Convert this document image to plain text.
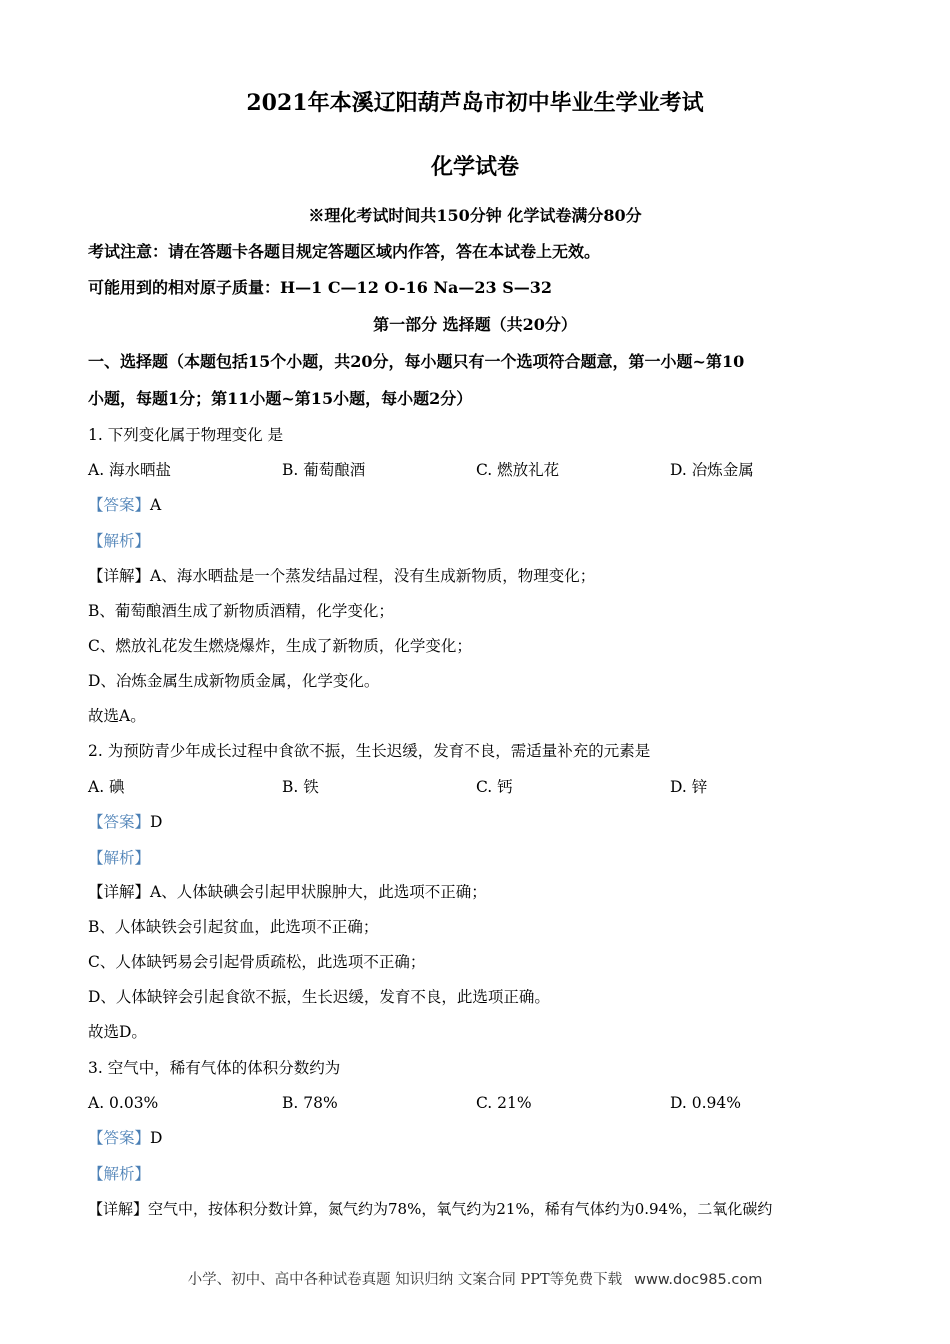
2021年本溪辽阳葫芦岛市初中毕业生学业考试
化学试卷
※理化考试时间共150分钟 化学试卷满分80分
考试注意：请在答题卡各题目规定答题区域内作答，答在本试卷上无效。
可能用到的相对原子质量：H—1 C—12 O-16 Na—23 S—32
第一部分 选择题（共20分）
一、选择题（本题包括15个小题，共20分，每小题只有一个选项符合题意，第一小题~第10
小题，每题1分；第11小题~第15小题，每小题2分）
1. 下列变化属于物理变化 是
A. 海水晒盐	B. 葡萄酿酒	C. 燃放礼花	D. 冶炼金属
【答案】A
【解析】
【详解】A、海水晒盐是一个蒸发结晶过程，没有生成新物质，物理变化；
B、葡萄酿酒生成了新物质酒精，化学变化；
C、燃放礼花发生燃烧爆炸，生成了新物质，化学变化；
D、冶炼金属生成新物质金属，化学变化。
故选A。
2. 为预防青少年成长过程中食欲不振，生长迟缓，发育不良，需适量补充的元素是
A. 碘	B. 铁	C. 钙	D. 锌
【答案】D
【解析】
【详解】A、人体缺碘会引起甲状腺肿大，此选项不正确；
B、人体缺铁会引起贫血，此选项不正确；
C、人体缺钙易会引起骨质疏松，此选项不正确；
D、人体缺锌会引起食欲不振，生长迟缓，发育不良，此选项正确。
故选D。
3. 空气中，稀有气体的体积分数约为
A. 0.03%	B. 78%	C. 21%	D. 0.94%
【答案】D
【解析】
【详解】空气中，按体积分数计算，氮气约为78%，氧气约为21%，稀有气体约为0.94%，二氧化碳约
小学、初中、高中各种试卷真题 知识归纳 文案合同 PPT等免费下载 www.doc985.com
